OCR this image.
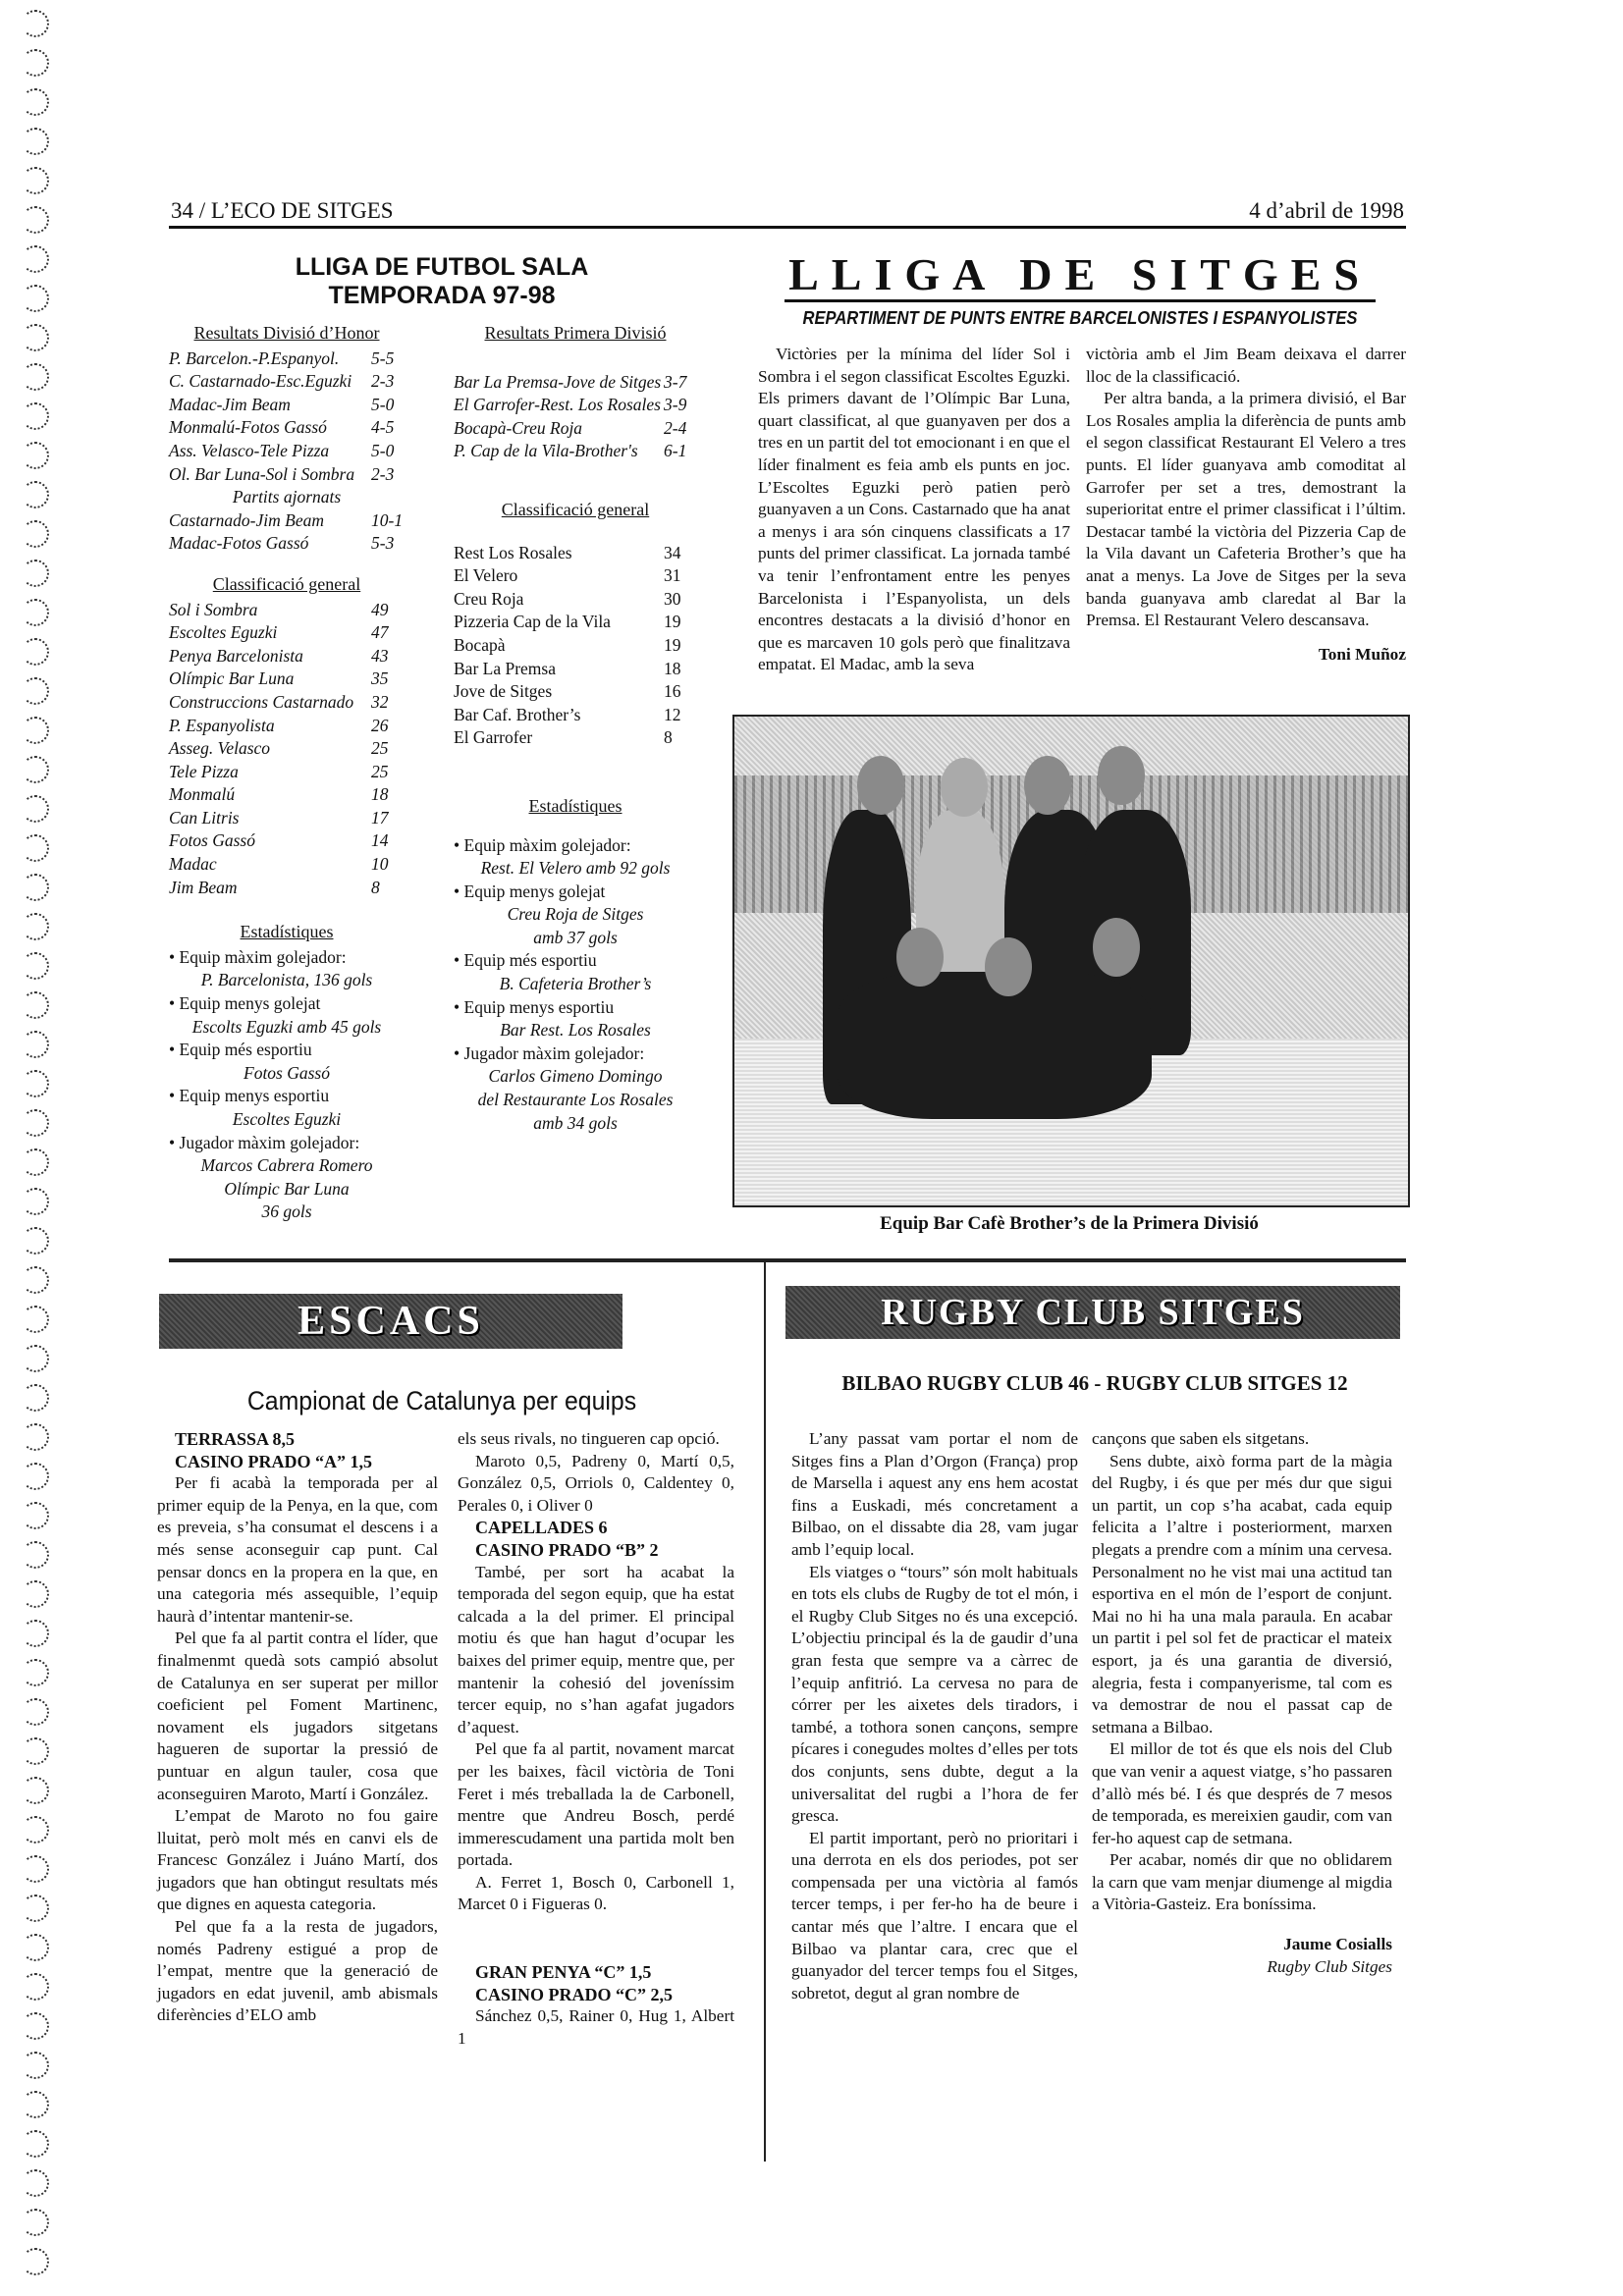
34 / L’ECO DE SITGES	4 d’abril de 1998
LLIGA DE FUTBOL SALA
TEMPORADA 97-98
Resultats Divisió d’Honor
P. Barcelon.-P.Espanyol. 5-5
C. Castarnado-Esc.Eguzki 2-3
Madac-Jim Beam	5-0
Monmalú-Fotos Gassó	4-5
Ass. Velasco-Tele Pizza 5-0
Ol. Bar Luna-Sol i Sombra 2-3
Partits ajornats
Castarnado-Jim Beam	10-1
Madac-Fotos Gassó	5-3
Classificació general
Sol i Sombra	49
Escoltes Eguzki	47
Penya Barcelonista	43
Olímpic Bar Luna	35
Construccions Castarnado 32
P. Espanyolista	26
Asseg. Velasco	25
Tele Pizza	25
Monmalú	18
Can Litris	17
Fotos Gassó	14
Madac	10
Jim Beam	8
Estadístiques
• Equip màxim golejador:
P. Barcelonista, 136 gols
• Equip menys golejat
Escolts Eguzki amb 45 gols
• Equip més esportiu
Fotos Gassó
• Equip menys esportiu
Escoltes Eguzki
• Jugador màxim golejador:
Marcos Cabrera Romero
Olímpic Bar Luna
36 gols
Resultats Primera Divisió
Bar La Premsa-Jove de Sitges 3-7
El Garrofer-Rest. Los Rosales 3-9
Bocapà-Creu Roja	2-4
P. Cap de la Vila-Brother's 6-1
Classificació general
Rest Los Rosales	34
El Velero	31
Creu Roja	30
Pizzeria Cap de la Vila	19
Bocapà	19
Bar La Premsa	18
Jove de Sitges	16
Bar Caf. Brother’s	12
El Garrofer	8
Estadístiques
• Equip màxim golejador:
Rest. El Velero amb 92 gols
• Equip menys golejat
Creu Roja de Sitges
amb 37 gols
• Equip més esportiu
B. Cafeteria Brother’s
• Equip menys esportiu
Bar Rest. Los Rosales
• Jugador màxim golejador:
Carlos Gimeno Domingo
del Restaurante Los Rosales
amb 34 gols
LLIGA DE SITGES
REPARTIMENT DE PUNTS ENTRE BARCELONISTES I ESPANYOLISTES

Victòries per la mínima del líder Sol i Sombra i el segon classificat Escoltes Eguzki. Els primers davant de l’Olímpic Bar Luna, quart classificat, al que guanyaven per dos a tres en un partit del tot emocionant i en que el líder finalment es feia amb els punts en joc. L’Escoltes Eguzki però patien però guanyaven a un Cons. Castarnado que ha anat a menys i ara són cinquens classificats a 17 punts del primer classificat. La jornada també va tenir l’enfrontament entre les penyes Barcelonista i l’Espanyolista, un dels encontres destacats a la divisió d’honor en que es marcaven 10 gols però que finalitzava empatat. El Madac, amb la seva

victòria amb el Jim Beam deixava el darrer lloc de la classificació.

Per altra banda, a la primera divisió, el Bar Los Rosales amplia la diferència de punts amb el segon classificat Restaurant El Velero a tres punts. El líder guanyava amb comoditat al Garrofer per set a tres, demostrant la superioritat entre el primer classificat i l’últim. Destacar també la victòria del Pizzeria Cap de la Vila davant un Cafeteria Brother’s que ha anat a menys. La Jove de Sitges per la seva banda guanyava amb claredat al Bar la Premsa. El Restaurant Velero descansava.

Toni Muñoz
Equip Bar Cafè Brother’s de la Primera Divisió
ESCACS
Campionat de Catalunya per equips
TERRASSA 8,5
CASINO PRADO “A” 1,5

Per fi acabà la temporada per al primer equip de la Penya, en la que, com es preveia, s’ha consumat el descens i a més sense aconseguir cap punt. Cal pensar doncs en la propera en la que, en una categoria més assequible, l’equip haurà d’intentar mantenir-se.

Pel que fa al partit contra el líder, que finalmenmt quedà sots campió absolut de Catalunya en ser superat per millor coeficient pel Foment Martinenc, novament els jugadors sitgetans hagueren de suportar la pressió de puntuar en algun tauler, cosa que aconseguiren Maroto, Martí i González.

L’empat de Maroto no fou gaire lluitat, però molt més en canvi els de Francesc González i Juáno Martí, dos jugadors que han obtingut resultats més que dignes en aquesta categoria.

Pel que fa a la resta de jugadors, només Padreny estigué a prop de l’empat, mentre que la generació de jugadors en edat juvenil, amb abismals diferències d’ELO amb

els seus rivals, no tingueren cap opció.

Maroto 0,5, Padreny 0, Martí 0,5, González 0,5, Orriols 0, Caldentey 0, Perales 0, i Oliver 0

CAPELLADES 6
CASINO PRADO “B” 2

També, per sort ha acabat la temporada del segon equip, que ha estat calcada a la del primer. El principal motiu és que han hagut d’ocupar les baixes del primer equip, mentre que, per mantenir la cohesió del joveníssim tercer equip, no s’han agafat jugadors d’aquest.

Pel que fa al partit, novament marcat per les baixes, fàcil victòria de Toni Feret i més treballada la de Carbonell, mentre que Andreu Bosch, perdé immerescudament una partida molt ben portada.

A. Ferret 1, Bosch 0, Carbonell 1, Marcet 0 i Figueras 0.

GRAN PENYA “C” 1,5
CASINO PRADO “C” 2,5

Sánchez 0,5, Rainer 0, Hug 1, Albert 1

RUGBY CLUB SITGES
BILBAO RUGBY CLUB 46 - RUGBY CLUB SITGES 12

L’any passat vam portar el nom de Sitges fins a Plan d’Orgon (França) prop de Marsella i aquest any ens hem acostat fins a Euskadi, més concretament a Bilbao, on el dissabte dia 28, vam jugar amb l’equip local.

Els viatges o “tours” són molt habituals en tots els clubs de Rugby de tot el món, i el Rugby Club Sitges no és una excepció. L’objectiu principal és la de gaudir d’una gran festa que sempre va a càrrec de l’equip anfitrió. La cervesa no para de córrer per les aixetes dels tiradors, i també, a tothora sonen cançons, sempre pícares i conegudes moltes d’elles per tots dos conjunts, sens dubte, degut a la universalitat del rugbi a l’hora de fer gresca.

El partit important, però no prioritari i una derrota en els dos periodes, pot ser compensada per una victòria al famós tercer temps, i per fer-ho ha de beure i cantar més que l’altre. I encara que el Bilbao va plantar cara, crec que el guanyador del tercer temps fou el Sitges, sobretot, degut al gran nombre de

cançons que saben els sitgetans.

Sens dubte, això forma part de la màgia del Rugby, i és que per més dur que sigui un partit, un cop s’ha acabat, cada equip felicita a l’altre i posteriorment, marxen plegats a prendre com a mínim una cervesa. Personalment no he vist mai una actitud tan esportiva en el món de l’esport de conjunt. Mai no hi ha una mala paraula. En acabar un partit i pel sol fet de practicar el mateix esport, ja és una garantia de diversió, alegria, festa i companyerisme, tal com es va demostrar de nou el passat cap de setmana a Bilbao.

El millor de tot és que els nois del Club que van venir a aquest viatge, s’ho passaren d’allò més bé. I és que després de 7 mesos de temporada, es mereixien gaudir, com van fer-ho aquest cap de setmana.

Per acabar, només dir que no oblidarem la carn que vam menjar diumenge al migdia a Vitòria-Gasteiz. Era boníssima.

Jaume Cosialls
Rugby Club Sitges
